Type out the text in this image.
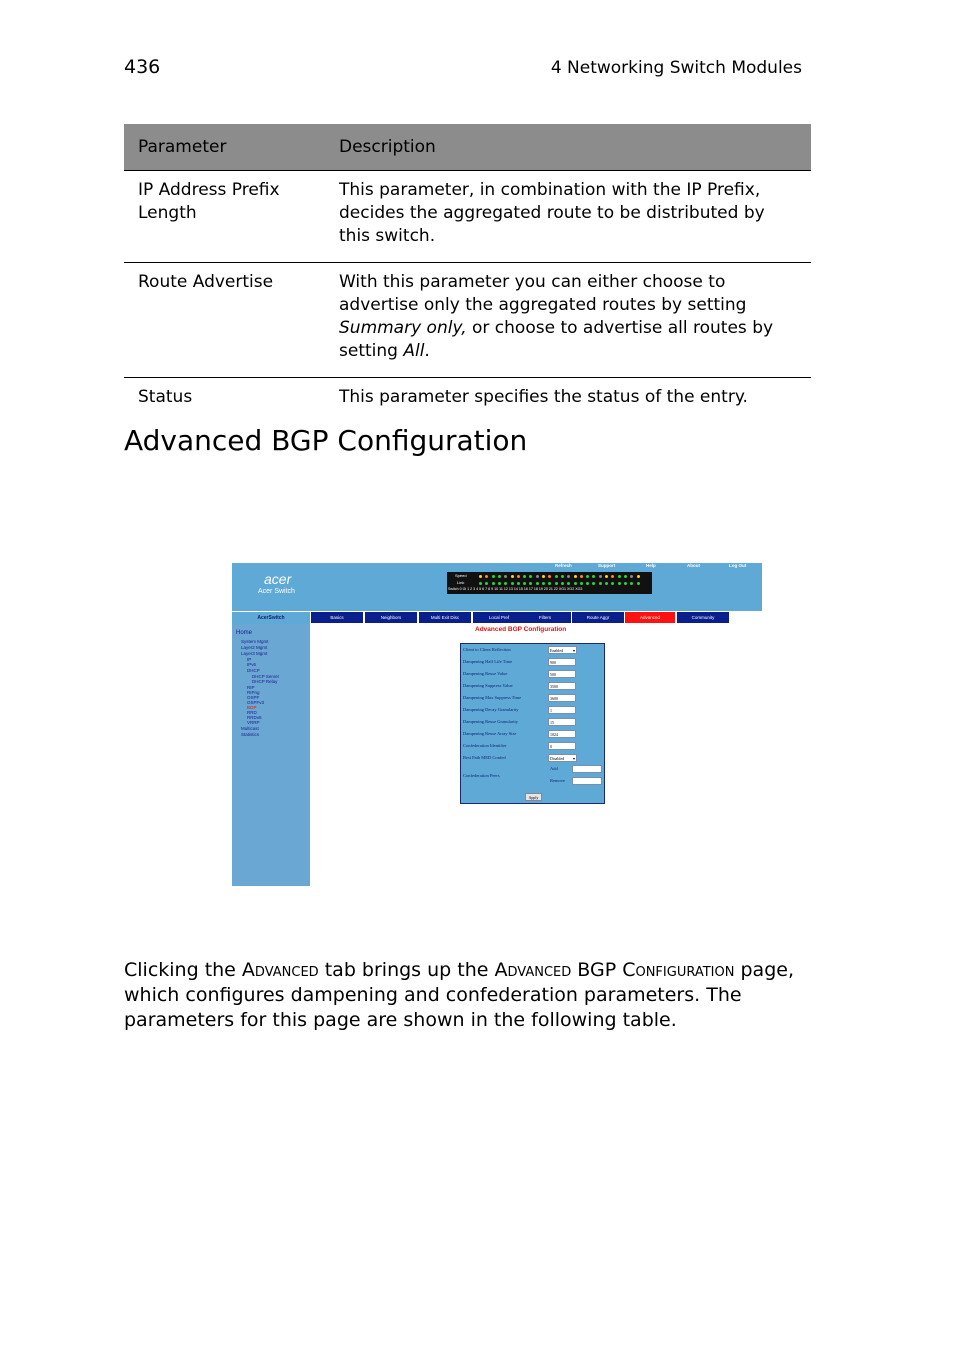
436	4 Networking Switch Modules
Parameter	Description
IP Address Prefix Length	This parameter, in combination with the IP Prefix, decides the aggregated route to be distributed by this switch.
Route Advertise	With this parameter you can either choose to advertise only the aggregated routes by setting Summary only, or choose to advertise all routes by setting All.
Status	This parameter specifies the status of the entry.
Advanced BGP Configuration
acer
Acer Switch
Refresh	Support	Help	About	Log Out
Speed
Link
Switch 0 Gi 1 2 3 4 5 6 7 8 9 10 11 12 13 14 15 16 17 18 19 20 21 22 XG1 XG2 XG3
AcerSwitch	Basics	Neighbors	Multi Exit Disc	Local Pref	Filters	Route Aggr	Advanced	Community
Home
System Mgmt
Layer2 Mgmt
Layer3 Mgmt
IP
IPv6
DHCP
DHCP Server
DHCP Relay
RIP
RIPng
OSPF
OSPFv3
BGP
RRD
RRDv6
VRRP
Multicast
Statistics
Advanced BGP Configuration
Client to Client Reflection	Enabled ▾
Dampening Half Life Time	900
Dampening Reuse Value	500
Dampening Suppress Value	3500
Dampening Max Suppress Time	3600
Dampening Decay Granularity	1
Dampening Reuse Granularity	15
Dampening Reuse Array Size	1024
Confederation Identifier	0
Best Path MED Confed	Disabled ▾
Confederation Peers
Add
Remove
Apply
Clicking the Advanced tab brings up the Advanced BGP Configuration page, which configures dampening and confederation parameters. The parameters for this page are shown in the following table.
